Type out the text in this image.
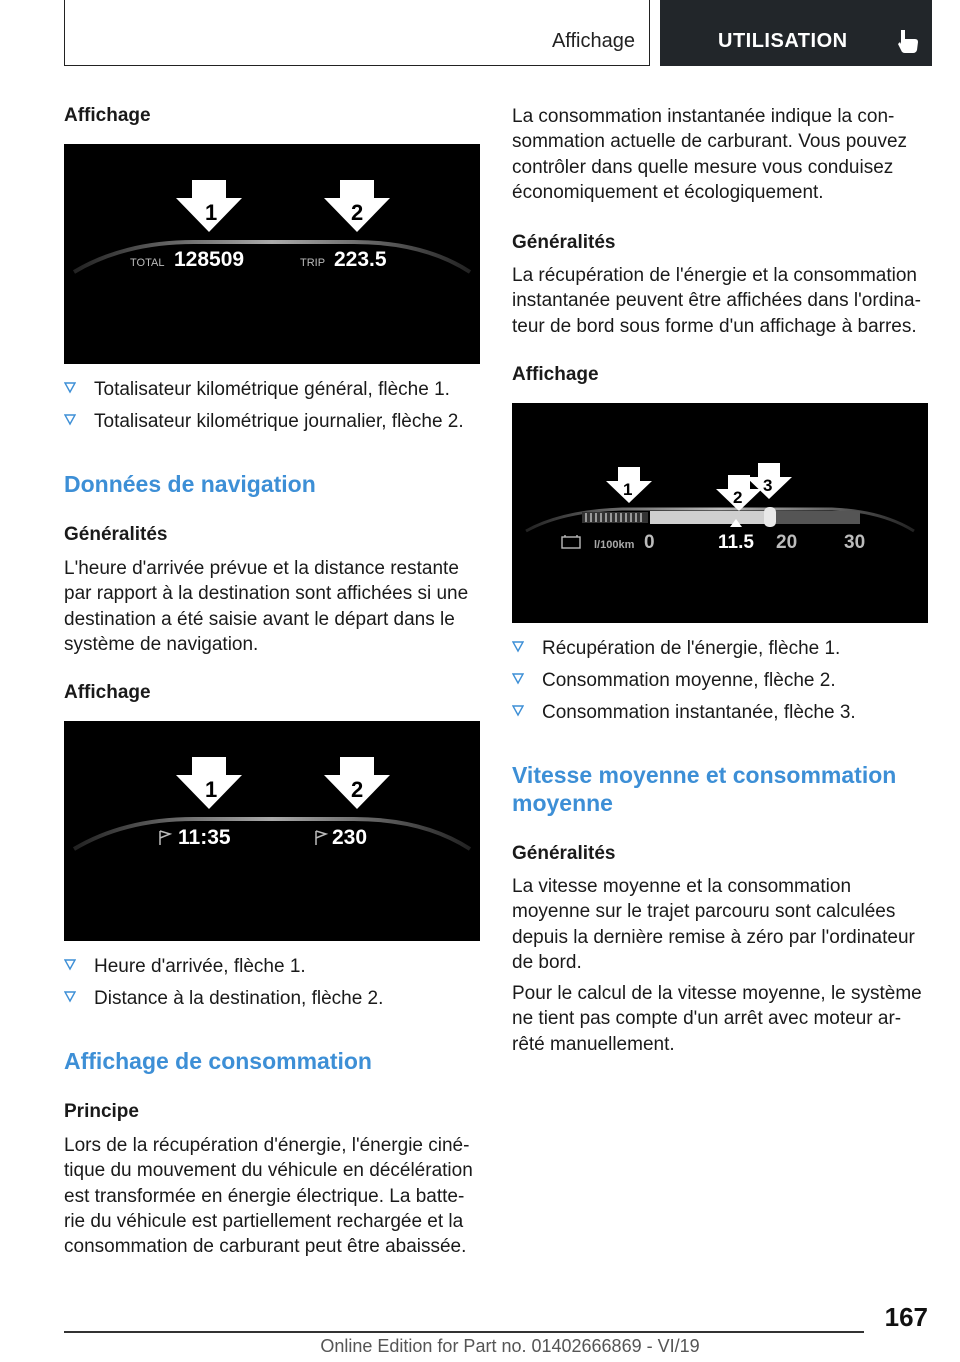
Affichage	UTILISATION
Affichage
1	2
TOTAL 128509	TRIP 223.5
Totalisateur kilométrique général, flèche 1.
Totalisateur kilométrique journalier, flèche 2.
Données de navigation
Généralités
L'heure d'arrivée prévue et la distance restante
par rapport à la destination sont affichées si une
destination a été saisie avant le départ dans le
système de navigation.
Affichage
1	2
11:35	230
Heure d'arrivée, flèche 1.
Distance à la destination, flèche 2.
Affichage de consommation
Principe
Lors de la récupération d'énergie, l'énergie ciné-
tique du mouvement du véhicule en décélération
est transformée en énergie électrique. La batte-
rie du véhicule est partiellement rechargée et la
consommation de carburant peut être abaissée.
La consommation instantanée indique la con-
sommation actuelle de carburant. Vous pouvez
contrôler dans quelle mesure vous conduisez
économiquement et écologiquement.
Généralités
La récupération de l'énergie et la consommation
instantanée peuvent être affichées dans l'ordina-
teur de bord sous forme d'un affichage à barres.
Affichage
1	2
3
l/100km 0	11.5 20 30
Récupération de l'énergie, flèche 1.
Consommation moyenne, flèche 2.
Consommation instantanée, flèche 3.
Vitesse moyenne et consommation
moyenne
Généralités
La vitesse moyenne et la consommation
moyenne sur le trajet parcouru sont calculées
depuis la dernière remise à zéro par l'ordinateur
de bord.
Pour le calcul de la vitesse moyenne, le système
ne tient pas compte d'un arrêt avec moteur ar-
rêté manuellement.
167
Online Edition for Part no. 01402666869 - VI/19
